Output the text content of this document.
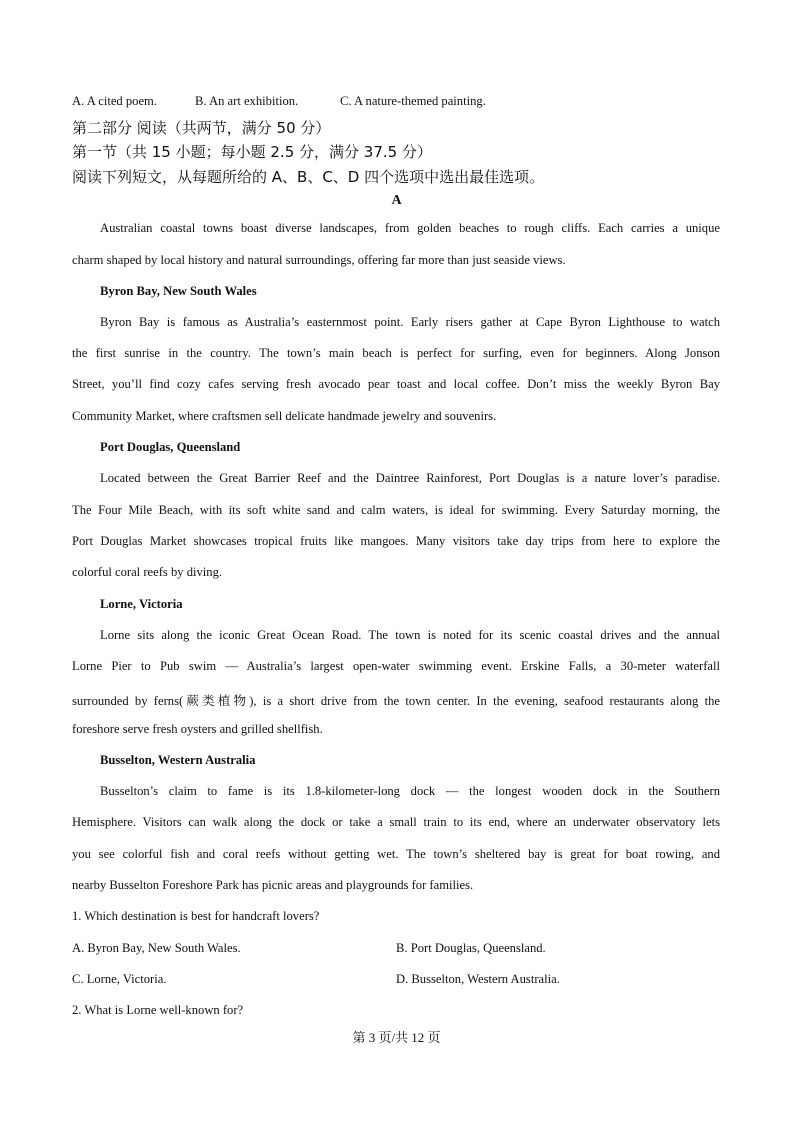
A. A cited poem.	B. An art exhibition.	C. A nature-themed painting.
第二部分 阅读（共两节，满分 50 分）
第一节（共 15 小题；每小题 2.5 分，满分 37.5 分）
阅读下列短文，从每题所给的 A、B、C、D 四个选项中选出最佳选项。
A
Australian coastal towns boast diverse landscapes, from golden beaches to rough cliffs. Each carries a unique
charm shaped by local history and natural surroundings, offering far more than just seaside views.
Byron Bay, New South Wales
Byron Bay is famous as Australia’s easternmost point. Early risers gather at Cape Byron Lighthouse to watch
the first sunrise in the country. The town’s main beach is perfect for surfing, even for beginners. Along Jonson
Street, you’ll find cozy cafes serving fresh avocado pear toast and local coffee. Don’t miss the weekly Byron Bay
Community Market, where craftsmen sell delicate handmade jewelry and souvenirs.
Port Douglas, Queensland
Located between the Great Barrier Reef and the Daintree Rainforest, Port Douglas is a nature lover’s paradise.
The Four Mile Beach, with its soft white sand and calm waters, is ideal for swimming. Every Saturday morning, the
Port Douglas Market showcases tropical fruits like mangoes. Many visitors take day trips from here to explore the
colorful coral reefs by diving.
Lorne, Victoria
Lorne sits along the iconic Great Ocean Road. The town is noted for its scenic coastal drives and the annual
Lorne Pier to Pub swim — Australia’s largest open-water swimming event. Erskine Falls, a 30-meter waterfall
surrounded by ferns(蕨类植物), is a short drive from the town center. In the evening, seafood restaurants along the
foreshore serve fresh oysters and grilled shellfish.
Busselton, Western Australia
Busselton’s claim to fame is its 1.8-kilometer-long dock — the longest wooden dock in the Southern
Hemisphere. Visitors can walk along the dock or take a small train to its end, where an underwater observatory lets
you see colorful fish and coral reefs without getting wet. The town’s sheltered bay is great for boat rowing, and
nearby Busselton Foreshore Park has picnic areas and playgrounds for families.
1. Which destination is best for handcraft lovers?
A. Byron Bay, New South Wales.	B. Port Douglas, Queensland.
C. Lorne, Victoria.	D. Busselton, Western Australia.
2. What is Lorne well-known for?
第 3 页/共 12 页
